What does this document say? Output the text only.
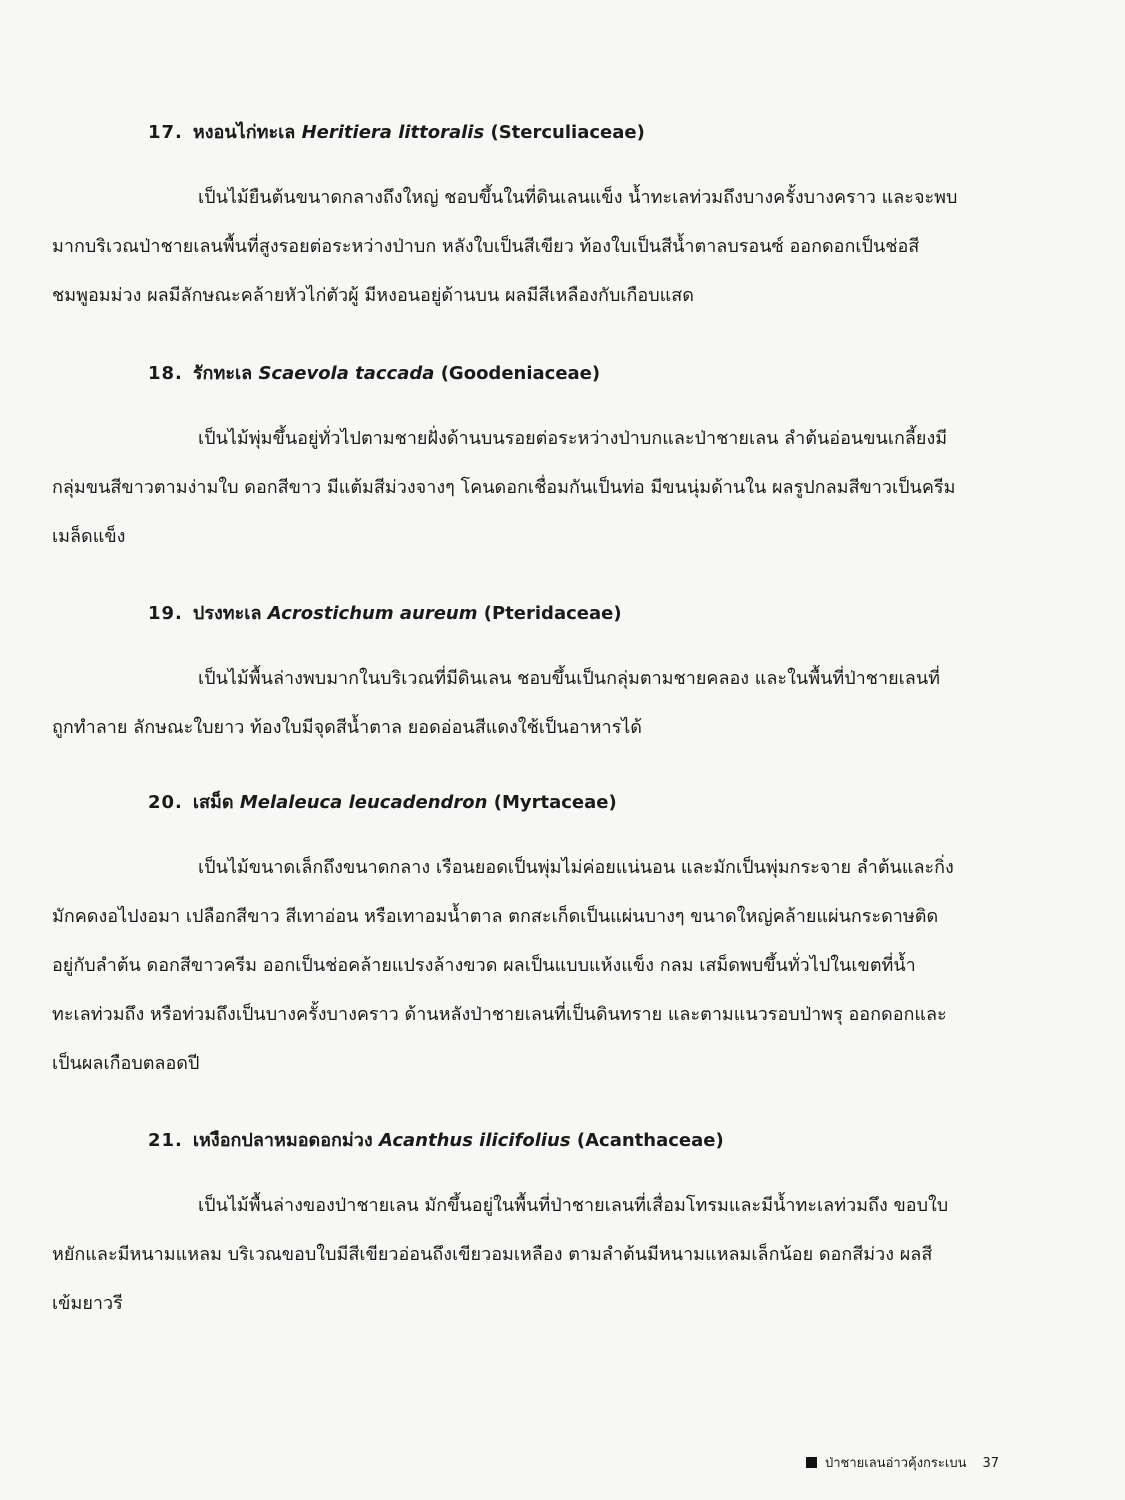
17. หงอนไก่ทะเล Heritiera littoralis (Sterculiaceae)
เป็นไม้ยืนต้นขนาดกลางถึงใหญ่ ชอบขึ้นในที่ดินเลนแข็ง น้ำทะเลท่วมถึงบางครั้งบางคราว และจะพบ
มากบริเวณป่าชายเลนพื้นที่สูงรอยต่อระหว่างป่าบก หลังใบเป็นสีเขียว ท้องใบเป็นสีน้ำตาลบรอนซ์ ออกดอกเป็นช่อสี
ชมพูอมม่วง ผลมีลักษณะคล้ายหัวไก่ตัวผู้ มีหงอนอยู่ด้านบน ผลมีสีเหลืองกับเกือบแสด
18. รักทะเล Scaevola taccada (Goodeniaceae)
เป็นไม้พุ่มขึ้นอยู่ทั่วไปตามชายฝั่งด้านบนรอยต่อระหว่างป่าบกและป่าชายเลน ลำต้นอ่อนขนเกลี้ยงมี
กลุ่มขนสีขาวตามง่ามใบ ดอกสีขาว มีแต้มสีม่วงจางๆ โคนดอกเชื่อมกันเป็นท่อ มีขนนุ่มด้านใน ผลรูปกลมสีขาวเป็นครีม
เมล็ดแข็ง
19. ปรงทะเล Acrostichum aureum (Pteridaceae)
เป็นไม้พื้นล่างพบมากในบริเวณที่มีดินเลน ชอบขึ้นเป็นกลุ่มตามชายคลอง และในพื้นที่ป่าชายเลนที่
ถูกทำลาย ลักษณะใบยาว ท้องใบมีจุดสีน้ำตาล ยอดอ่อนสีแดงใช้เป็นอาหารได้
20. เสม็ด Melaleuca leucadendron (Myrtaceae)
เป็นไม้ขนาดเล็กถึงขนาดกลาง เรือนยอดเป็นพุ่มไม่ค่อยแน่นอน และมักเป็นพุ่มกระจาย ลำต้นและกิ่ง
มักคดงอไปงอมา เปลือกสีขาว สีเทาอ่อน หรือเทาอมน้ำตาล ตกสะเก็ดเป็นแผ่นบางๆ ขนาดใหญ่คล้ายแผ่นกระดาษติด
อยู่กับลำต้น ดอกสีขาวครีม ออกเป็นช่อคล้ายแปรงล้างขวด ผลเป็นแบบแห้งแข็ง กลม เสม็ดพบขึ้นทั่วไปในเขตที่น้ำ
ทะเลท่วมถึง หรือท่วมถึงเป็นบางครั้งบางคราว ด้านหลังป่าชายเลนที่เป็นดินทราย และตามแนวรอบป่าพรุ ออกดอกและ
เป็นผลเกือบตลอดปี
21. เหงือกปลาหมอดอกม่วง Acanthus ilicifolius (Acanthaceae)
เป็นไม้พื้นล่างของป่าชายเลน มักขึ้นอยู่ในพื้นที่ป่าชายเลนที่เสื่อมโทรมและมีน้ำทะเลท่วมถึง ขอบใบ
หยักและมีหนามแหลม บริเวณขอบใบมีสีเขียวอ่อนถึงเขียวอมเหลือง ตามลำต้นมีหนามแหลมเล็กน้อย ดอกสีม่วง ผลสี
เข้มยาวรี
ป่าชายเลนอ่าวคุ้งกระเบน 37
